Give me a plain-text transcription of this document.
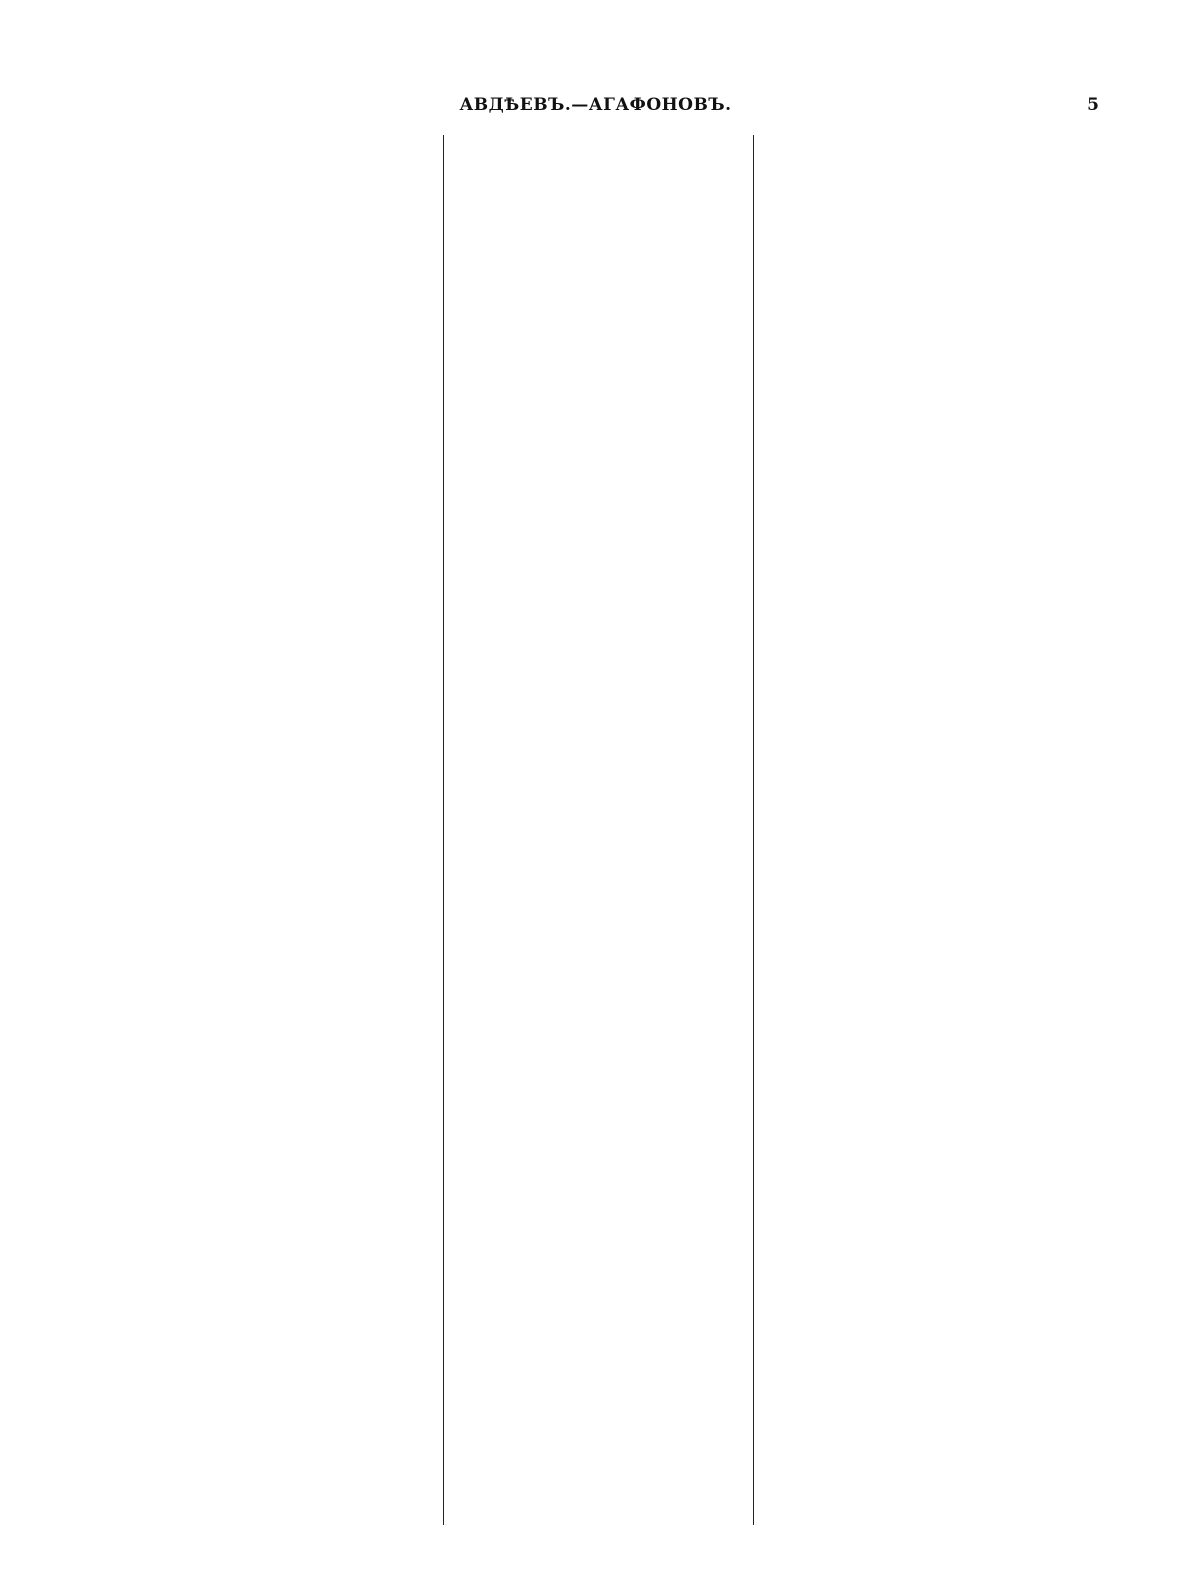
АВДѢЕВЪ.—АГАФОНОВЪ.	5
